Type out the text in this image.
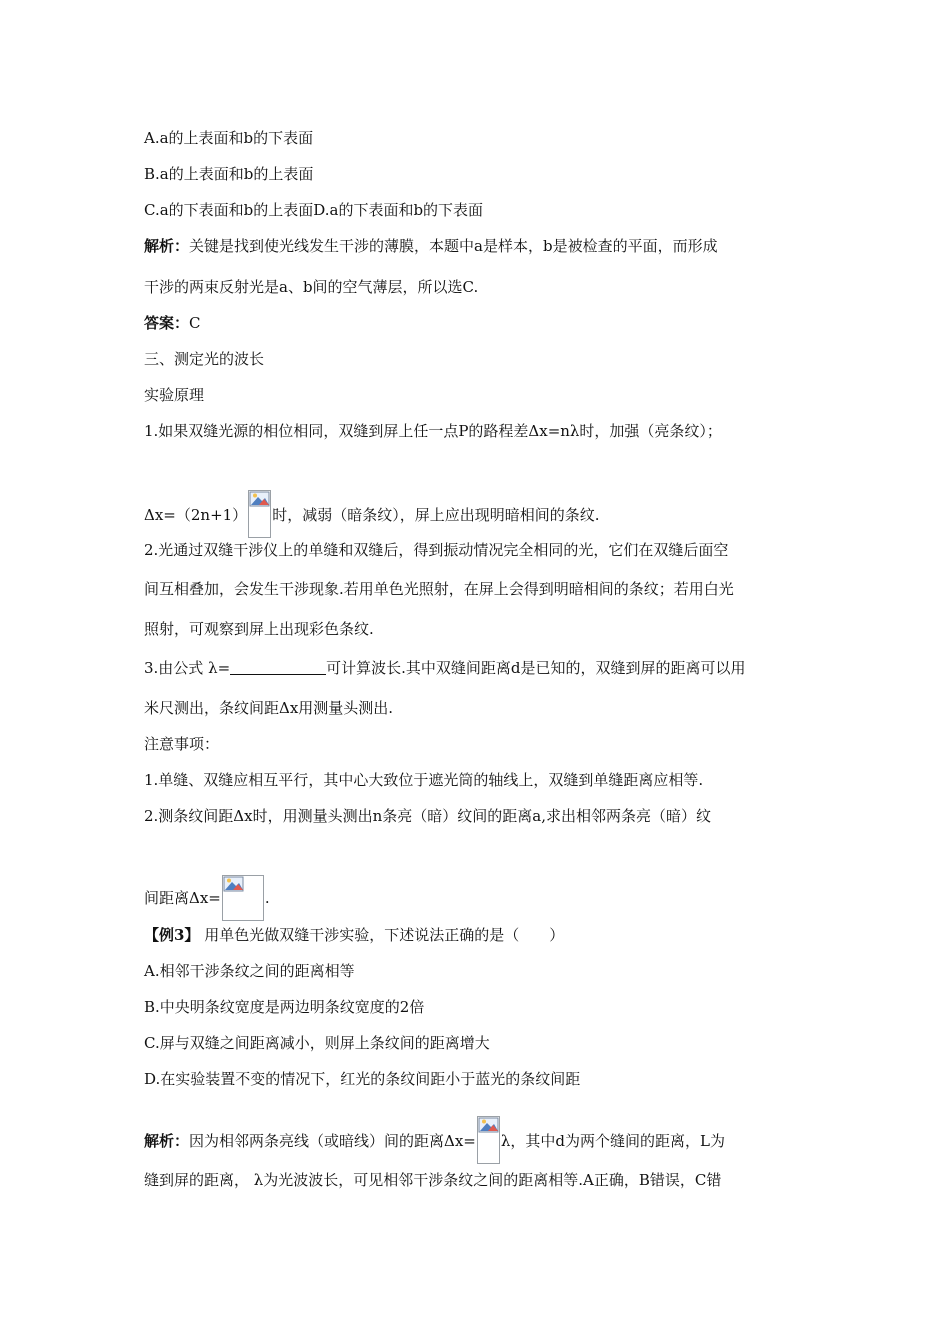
A.a的上表面和b的下表面
B.a的上表面和b的上表面
C.a的下表面和b的上表面D.a的下表面和b的下表面
解析：关键是找到使光线发生干涉的薄膜，本题中a是样本，b是被检查的平面，而形成
干涉的两束反射光是a、b间的空气薄层，所以选C.
答案：C
三、测定光的波长
实验原理
1.如果双缝光源的相位相同，双缝到屏上任一点P的路程差Δx=nλ时，加强（亮条纹）；
Δx=（2n+1） 时，减弱（暗条纹），屏上应出现明暗相间的条纹.
2.光通过双缝干涉仪上的单缝和双缝后，得到振动情况完全相同的光，它们在双缝后面空
间互相叠加，会发生干涉现象.若用单色光照射，在屏上会得到明暗相间的条纹；若用白光
照射，可观察到屏上出现彩色条纹.
3.由公式 λ=	可计算波长.其中双缝间距离d是已知的，双缝到屏的距离可以用
米尺测出，条纹间距Δx用测量头测出.
注意事项：
1.单缝、双缝应相互平行，其中心大致位于遮光筒的轴线上，双缝到单缝距离应相等.
2.测条纹间距Δx时，用测量头测出n条亮（暗）纹间的距离a,求出相邻两条亮（暗）纹
间距离Δx=	.
【例3】 用单色光做双缝干涉实验，下述说法正确的是（　　）
A.相邻干涉条纹之间的距离相等
B.中央明条纹宽度是两边明条纹宽度的2倍
C.屏与双缝之间距离减小，则屏上条纹间的距离增大
D.在实验装置不变的情况下，红光的条纹间距小于蓝光的条纹间距
解析：因为相邻两条亮线（或暗线）间的距离Δx= λ，其中d为两个缝间的距离，L为
缝到屏的距离， λ为光波波长，可见相邻干涉条纹之间的距离相等.A正确，B错误，C错
